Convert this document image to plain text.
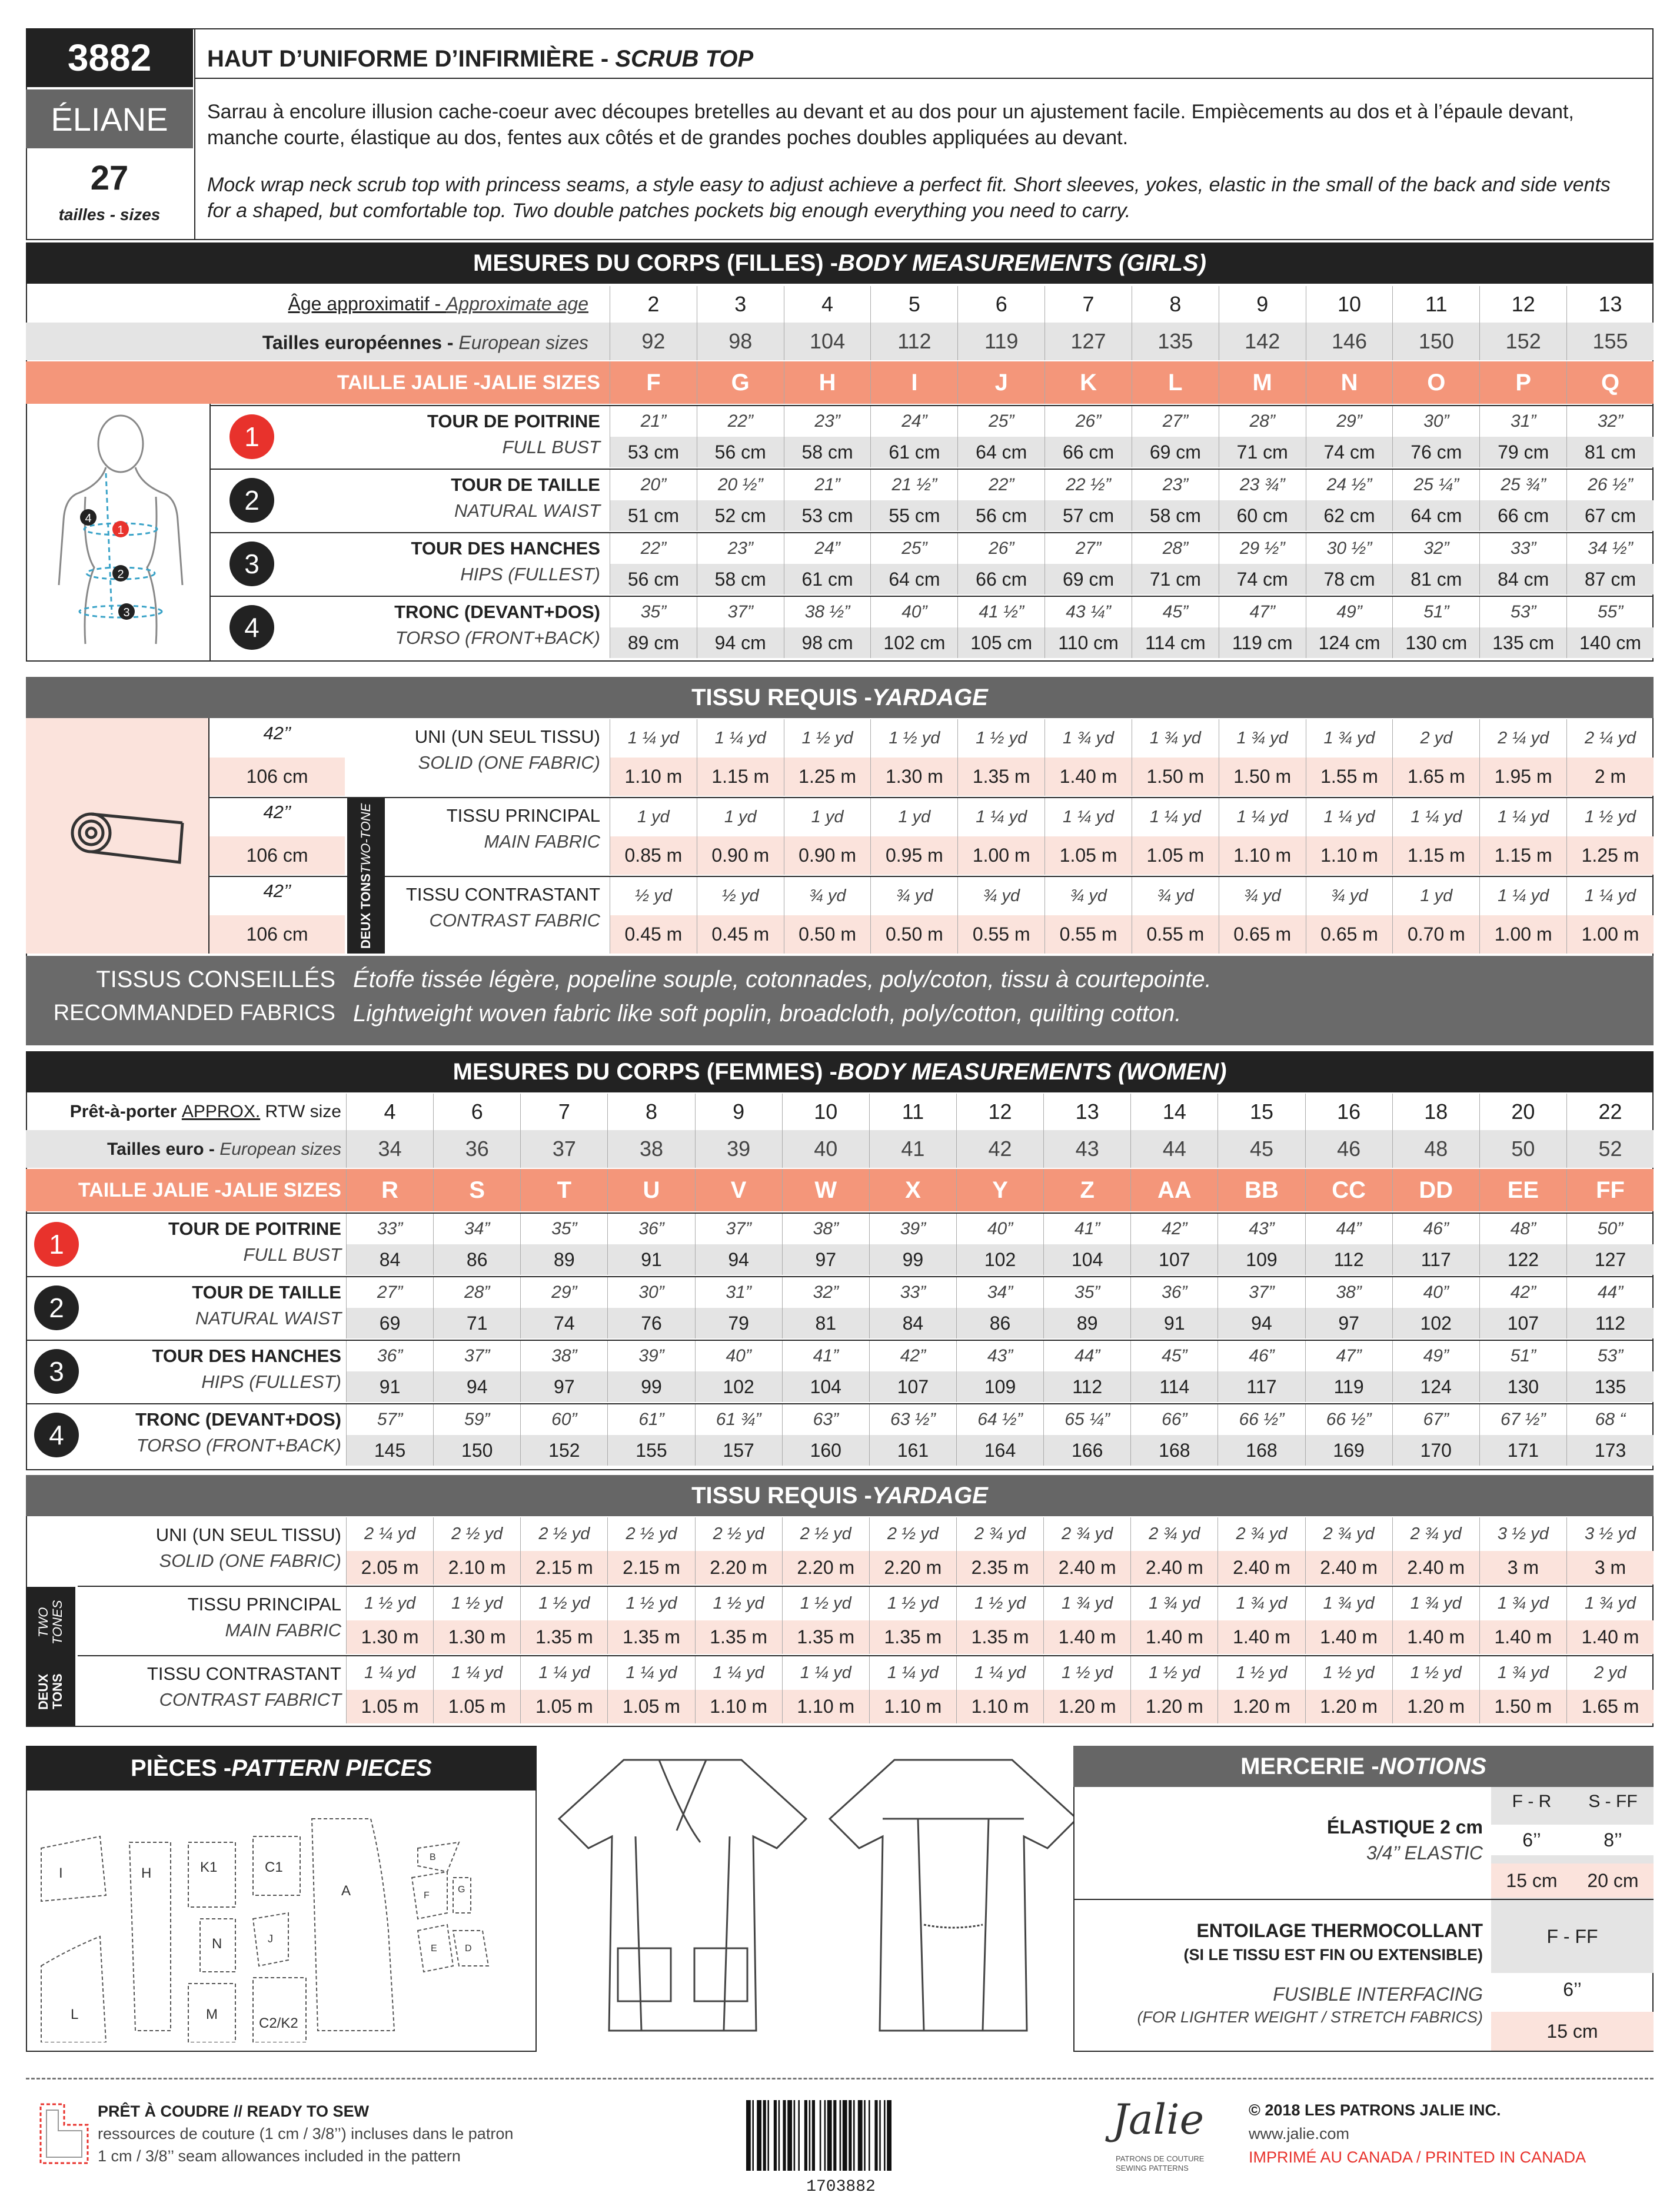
3882
ÉLIANE
27
tailles - sizes
HAUT D’UNIFORME D’INFIRMIÈRE - SCRUB TOP
Sarrau à encolure illusion cache-coeur avec découpes bretelles au devant et au dos pour un ajustement facile. Empiècements au dos et à l’épaule devant, manche courte, élastique au dos, fentes aux côtés et de grandes poches doubles appliquées au devant.
Mock wrap neck scrub top with princess seams, a style easy to adjust achieve a perfect fit. Short sleeves, yokes, elastic in the small of the back and side vents for a shaped, but comfortable top. Two double patches pockets big enough everything you need to carry.
MESURES DU CORPS (FILLES) - BODY MEASUREMENTS (GIRLS)
Âge approximatif - Approximate age	2	3	4	5	6	7	8	9	10	11	12	13
Tailles européennes - European sizes	92	98	104	112	119	127	135	142	146	150	152	155
TAILLE JALIE -JALIE SIZES	F	G	H	I	J	K	L	M	N	O	P	Q
1
2
3
4
1
TOUR DE POITRINE
FULL BUST
21”	22”	23”	24”	25”	26”	27”	28”	29”	30”	31”	32”
53 cm	56 cm	58 cm	61 cm	64 cm	66 cm	69 cm	71 cm	74 cm	76 cm	79 cm	81 cm
2
TOUR DE TAILLE
NATURAL WAIST
20”	20 ½”	21”	21 ½”	22”	22 ½”	23”	23 ¾”	24 ½”	25 ¼”	25 ¾”	26 ½”
51 cm	52 cm	53 cm	55 cm	56 cm	57 cm	58 cm	60 cm	62 cm	64 cm	66 cm	67 cm
3
TOUR DES HANCHES
HIPS (FULLEST)
22”	23”	24”	25”	26”	27”	28”	29 ½”	30 ½”	32”	33”	34 ½”
56 cm	58 cm	61 cm	64 cm	66 cm	69 cm	71 cm	74 cm	78 cm	81 cm	84 cm	87 cm
4
TRONC (DEVANT+DOS)
TORSO (FRONT+BACK)
35”	37”	38 ½”	40”	41 ½”	43 ¼”	45”	47”	49”	51”	53”	55”
89 cm	94 cm	98 cm	102 cm	105 cm	110 cm	114 cm	119 cm	124 cm	130 cm	135 cm	140 cm
TISSU REQUIS - YARDAGE
42’’
106 cm
UNI (UN SEUL TISSU)
SOLID (ONE FABRIC)
1 ¼ yd	1 ¼ yd	1 ½ yd	1 ½ yd	1 ½ yd	1 ¾ yd	1 ¾ yd	1 ¾ yd	1 ¾ yd	2 yd	2 ¼ yd	2 ¼ yd
1.10 m	1.15 m	1.25 m	1.30 m	1.35 m	1.40 m	1.50 m	1.50 m	1.55 m	1.65 m	1.95 m	2 m
42’’
106 cm
TISSU PRINCIPAL
MAIN FABRIC
1 yd	1 yd	1 yd	1 yd	1 ¼ yd	1 ¼ yd	1 ¼ yd	1 ¼ yd	1 ¼ yd	1 ¼ yd	1 ¼ yd	1 ½ yd
0.85 m	0.90 m	0.90 m	0.95 m	1.00 m	1.05 m	1.05 m	1.10 m	1.10 m	1.15 m	1.15 m	1.25 m
42’’
106 cm
TISSU CONTRASTANT
CONTRAST FABRIC
½ yd	½ yd	¾ yd	¾ yd	¾ yd	¾ yd	¾ yd	¾ yd	¾ yd	1 yd	1 ¼ yd	1 ¼ yd
0.45 m	0.45 m	0.50 m	0.50 m	0.55 m	0.55 m	0.55 m	0.65 m	0.65 m	0.70 m	1.00 m	1.00 m
DEUX TONS
TWO-TONE
TISSUS CONSEILLÉS
RECOMMANDED FABRICS
Étoffe tissée légère, popeline souple, cotonnades, poly/coton, tissu à courtepointe.
Lightweight woven fabric like soft poplin, broadcloth, poly/cotton, quilting cotton.
MESURES DU CORPS (FEMMES) - BODY MEASUREMENTS (WOMEN)
Prêt-à-porter APPROX. RTW size	4	6	7	8	9	10	11	12	13	14	15	16	18	20	22
Tailles euro - European sizes	34	36	37	38	39	40	41	42	43	44	45	46	48	50	52
TAILLE JALIE -JALIE SIZES	R	S	T	U	V	W	X	Y	Z	AA	BB	CC	DD	EE	FF
1
TOUR DE POITRINE
FULL BUST
33”	34”	35”	36”	37”	38”	39”	40”	41”	42”	43”	44”	46”	48”	50”
84	86	89	91	94	97	99	102	104	107	109	112	117	122	127
2
TOUR DE TAILLE
NATURAL WAIST
27”	28”	29”	30”	31”	32”	33”	34”	35”	36”	37”	38”	40”	42”	44”
69	71	74	76	79	81	84	86	89	91	94	97	102	107	112
3
TOUR DES HANCHES
HIPS (FULLEST)
36”	37”	38”	39”	40”	41”	42”	43”	44”	45”	46”	47”	49”	51”	53”
91	94	97	99	102	104	107	109	112	114	117	119	124	130	135
4
TRONC (DEVANT+DOS)
TORSO (FRONT+BACK)
57”	59”	60”	61”	61 ¾”	63”	63 ½”	64 ½”	65 ¼”	66”	66 ½”	66 ½”	67”	67 ½”	68 “
145	150	152	155	157	160	161	164	166	168	168	169	170	171	173
TISSU REQUIS - YARDAGE
UNI (UN SEUL TISSU)
SOLID (ONE FABRIC)
2 ¼ yd	2 ½ yd	2 ½ yd	2 ½ yd	2 ½ yd	2 ½ yd	2 ½ yd	2 ¾ yd	2 ¾ yd	2 ¾ yd	2 ¾ yd	2 ¾ yd	2 ¾ yd	3 ½ yd	3 ½ yd
2.05 m	2.10 m	2.15 m	2.15 m	2.20 m	2.20 m	2.20 m	2.35 m	2.40 m	2.40 m	2.40 m	2.40 m	2.40 m	3 m	3 m
TISSU PRINCIPAL
MAIN FABRIC
1 ½ yd	1 ½ yd	1 ½ yd	1 ½ yd	1 ½ yd	1 ½ yd	1 ½ yd	1 ½ yd	1 ¾ yd	1 ¾ yd	1 ¾ yd	1 ¾ yd	1 ¾ yd	1 ¾ yd	1 ¾ yd
1.30 m	1.30 m	1.35 m	1.35 m	1.35 m	1.35 m	1.35 m	1.35 m	1.40 m	1.40 m	1.40 m	1.40 m	1.40 m	1.40 m	1.40 m
TISSU CONTRASTANT
CONTRAST FABRICT
1 ¼ yd	1 ¼ yd	1 ¼ yd	1 ¼ yd	1 ¼ yd	1 ¼ yd	1 ¼ yd	1 ¼ yd	1 ½ yd	1 ½ yd	1 ½ yd	1 ½ yd	1 ½ yd	1 ¾ yd	2 yd
1.05 m	1.05 m	1.05 m	1.05 m	1.10 m	1.10 m	1.10 m	1.10 m	1.20 m	1.20 m	1.20 m	1.20 m	1.20 m	1.50 m	1.65 m
DEUX TONS
TWO TONES
PIÈCES - PATTERN PIECES
I	H	K1	C1
A
B
F
G
N	J
E	D
M
C2/K2
L
MERCERIE - NOTIONS
ÉLASTIQUE 2 cm
3/4’’ ELASTIC
F - R	S - FF
6’’	8’’
15 cm	20 cm
ENTOILAGE THERMOCOLLANT
(SI LE TISSU EST FIN OU EXTENSIBLE)
FUSIBLE INTERFACING
(FOR LIGHTER WEIGHT / STRETCH FABRICS)
F - FF
6’’
15 cm
PRÊT À COUDRE // READY TO SEW
ressources de couture (1 cm / 3/8’’) incluses dans le patron
1 cm / 3/8’’ seam allowances included in the pattern
1703882
Jalie
PATRONS DE COUTURE
SEWING PATTERNS
© 2018 LES PATRONS JALIE INC.
www.jalie.com
IMPRIMÉ AU CANADA / PRINTED IN CANADA
